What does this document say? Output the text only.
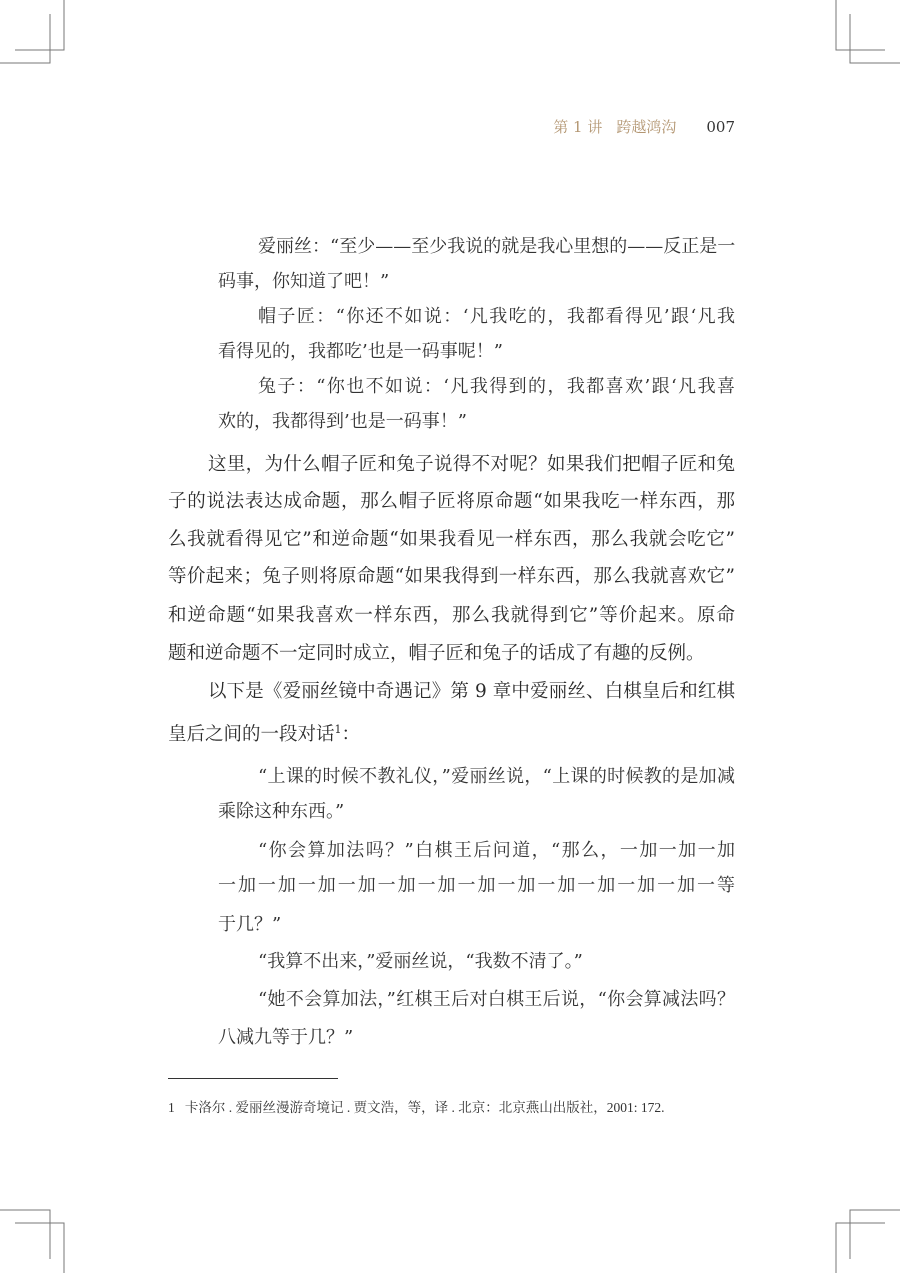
第 1 讲 跨越鸿沟 007
爱丽丝：“至少——至少我说的就是我心里想的——反正是一
码事，你知道了吧！”
帽子匠：“你还不如说：‘凡我吃的，我都看得见’跟‘凡我
看得见的，我都吃’也是一码事呢！”
兔子：“你也不如说：‘凡我得到的，我都喜欢’跟‘凡我喜
欢的，我都得到’也是一码事！”
这里，为什么帽子匠和兔子说得不对呢？如果我们把帽子匠和兔
子的说法表达成命题，那么帽子匠将原命题“如果我吃一样东西，那
么我就看得见它”和逆命题“如果我看见一样东西，那么我就会吃它”
等价起来；兔子则将原命题“如果我得到一样东西，那么我就喜欢它”
和逆命题“如果我喜欢一样东西，那么我就得到它”等价起来。原命
题和逆命题不一定同时成立，帽子匠和兔子的话成了有趣的反例。
以下是《爱丽丝镜中奇遇记》第 9 章中爱丽丝、白棋皇后和红棋
皇后之间的一段对话$^1$：
“上课的时候不教礼仪，”爱丽丝说，“上课的时候教的是加减
乘除这种东西。”
“你会算加法吗？”白棋王后问道，“那么，一加一加一加
一加一加一加一加一加一加一加一加一加一加一加一加一等
于几？”
“我算不出来，”爱丽丝说，“我数不清了。”
“她不会算加法，”红棋王后对白棋王后说，“你会算减法吗？
八减九等于几？”
1 卡洛尔 . 爱丽丝漫游奇境记 . 贾文浩，等，译 . 北京：北京燕山出版社，2001: 172.
